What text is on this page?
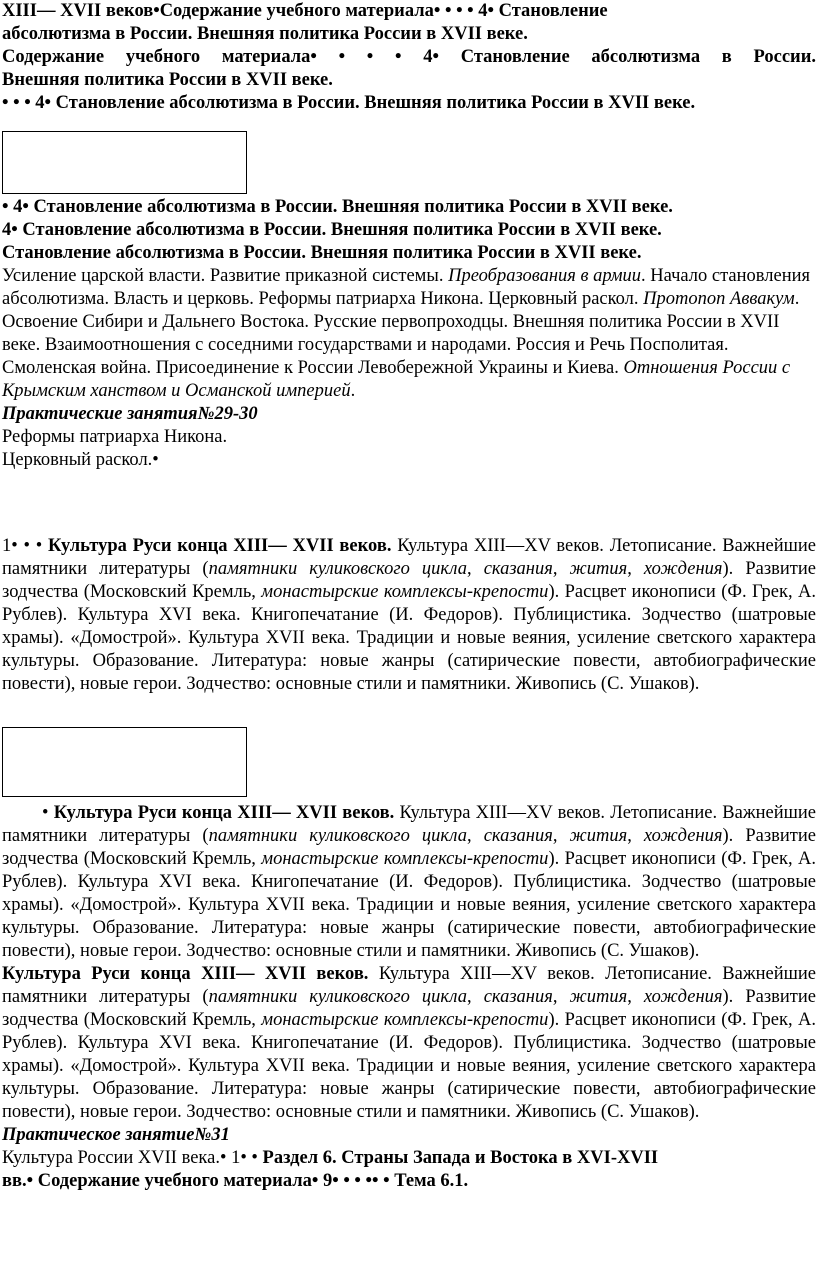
XIII— XVII веков•Содержание учебного материала• • • • 4• Становление

абсолютизма в России. Внешняя политика России в XVII веке.

Содержание учебного материала• • • • 4• Становление абсолютизма в России.

Внешняя политика России в XVII веке.

• • • 4• Становление абсолютизма в России. Внешняя политика России в XVII веке.

• 4• Становление абсолютизма в России. Внешняя политика России в XVII веке.

4• Становление абсолютизма в России. Внешняя политика России в XVII веке.

Становление абсолютизма в России. Внешняя политика России в XVII веке.

Усиление царской власти. Развитие приказной системы. Преобразования в армии. Начало становления абсолютизма. Власть и церковь. Реформы патриарха Никона. Церковный раскол. Протопоп Аввакум. Освоение Сибири и Дальнего Востока. Русские первопроходцы. Внешняя политика России в XVII веке. Взаимоотношения с соседними государствами и народами. Россия и Речь Посполитая. Смоленская война. Присоединение к России Левобережной Украины и Киева. Отношения России с Крымским ханством и Османской империей.

Практические занятия№29-30

Реформы патриарха Никона.

Церковный раскол.•

1• • • Культура Руси конца XIII— XVII веков. Культура XIII—XV веков. Летописание. Важнейшие памятники литературы (памятники куликовского цикла, сказания, жития, хождения). Развитие зодчества (Московский Кремль, монастырские комплексы-крепости). Расцвет иконописи (Ф. Грек, А. Рублев). Культура XVI века. Книгопечатание (И. Федоров). Публицистика. Зодчество (шатровые храмы). «Домострой». Культура XVII века. Традиции и новые веяния, усиление светского характера культуры. Образование. Литература: новые жанры (сатирические повести, автобиографические повести), новые герои. Зодчество: основные стили и памятники. Живопись (С. Ушаков).

• Культура Руси конца XIII— XVII веков. Культура XIII—XV веков. Летописание. Важнейшие памятники литературы (памятники куликовского цикла, сказания, жития, хождения). Развитие зодчества (Московский Кремль, монастырские комплексы-крепости). Расцвет иконописи (Ф. Грек, А. Рублев). Культура XVI века. Книгопечатание (И. Федоров). Публицистика. Зодчество (шатровые храмы). «Домострой». Культура XVII века. Традиции и новые веяния, усиление светского характера культуры. Образование. Литература: новые жанры (сатирические повести, автобиографические повести), новые герои. Зодчество: основные стили и памятники. Живопись (С. Ушаков).

Культура Руси конца XIII— XVII веков. Культура XIII—XV веков. Летописание. Важнейшие памятники литературы (памятники куликовского цикла, сказания, жития, хождения). Развитие зодчества (Московский Кремль, монастырские комплексы-крепости). Расцвет иконописи (Ф. Грек, А. Рублев). Культура XVI века. Книгопечатание (И. Федоров). Публицистика. Зодчество (шатровые храмы). «Домострой». Культура XVII века. Традиции и новые веяния, усиление светского характера культуры. Образование. Литература: новые жанры (сатирические повести, автобиографические повести), новые герои. Зодчество: основные стили и памятники. Живопись (С. Ушаков).

Практическое занятие№31

Культура России XVII века.• 1• • Раздел 6. Страны Запада и Востока в XVI-XVII

вв.• Содержание учебного материала• 9• • • •• • Тема 6.1.
